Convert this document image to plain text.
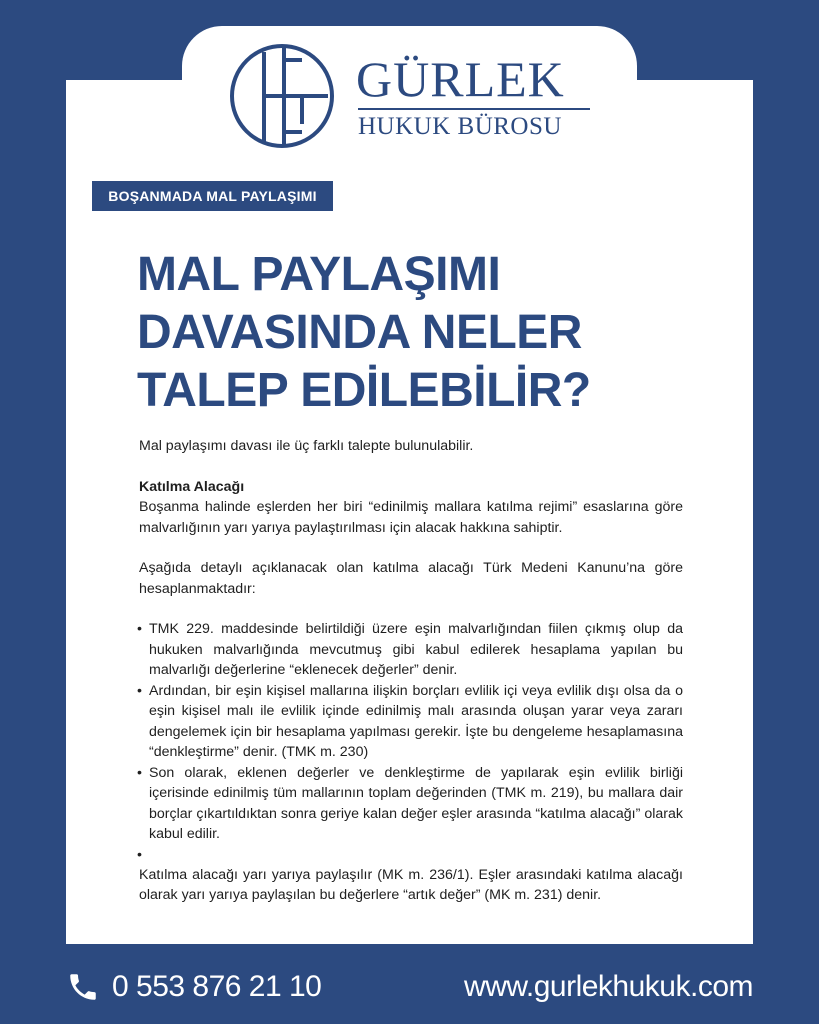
GÜRLEK
HUKUK BÜROSU
BOŞANMADA MAL PAYLAŞIMI
MAL PAYLAŞIMI
DAVASINDA NELER
TALEP EDİLEBİLİR?

Mal paylaşımı davası ile üç farklı talepte bulunulabilir.

Katılma Alacağı

Boşanma halinde eşlerden her biri “edinilmiş mallara katılma rejimi” esaslarına göre malvarlığının yarı yarıya paylaştırılması için alacak hakkına sahiptir.

Aşağıda detaylı açıklanacak olan katılma alacağı Türk Medeni Kanunu’na göre hesaplanmaktadır:

• TMK 229. maddesinde belirtildiği üzere eşin malvarlığından fiilen çıkmış olup da hukuken malvarlığında mevcutmuş gibi kabul edilerek hesaplama yapılan bu malvarlığı değerlerine “eklenecek değerler” denir.
• Ardından, bir eşin kişisel mallarına ilişkin borçları evlilik içi veya evlilik dışı olsa da o eşin kişisel malı ile evlilik içinde edinilmiş malı arasında oluşan yarar veya zararı dengelemek için bir hesaplama yapılması gerekir. İşte bu dengeleme hesaplamasına “denkleştirme” denir. (TMK m. 230)
• Son olarak, eklenen değerler ve denkleştirme de yapılarak eşin evlilik birliği içerisinde edinilmiş tüm mallarının toplam değerinden (TMK m. 219), bu mallara dair borçlar çıkartıldıktan sonra geriye kalan değer eşler arasında “katılma alacağı” olarak kabul edilir.
•

Katılma alacağı yarı yarıya paylaşılır (MK m. 236/1). Eşler arasındaki katılma alacağı olarak yarı yarıya paylaşılan bu değerlere “artık değer” (MK m. 231) denir.

0 553 876 21 10	www.gurlekhukuk.com
